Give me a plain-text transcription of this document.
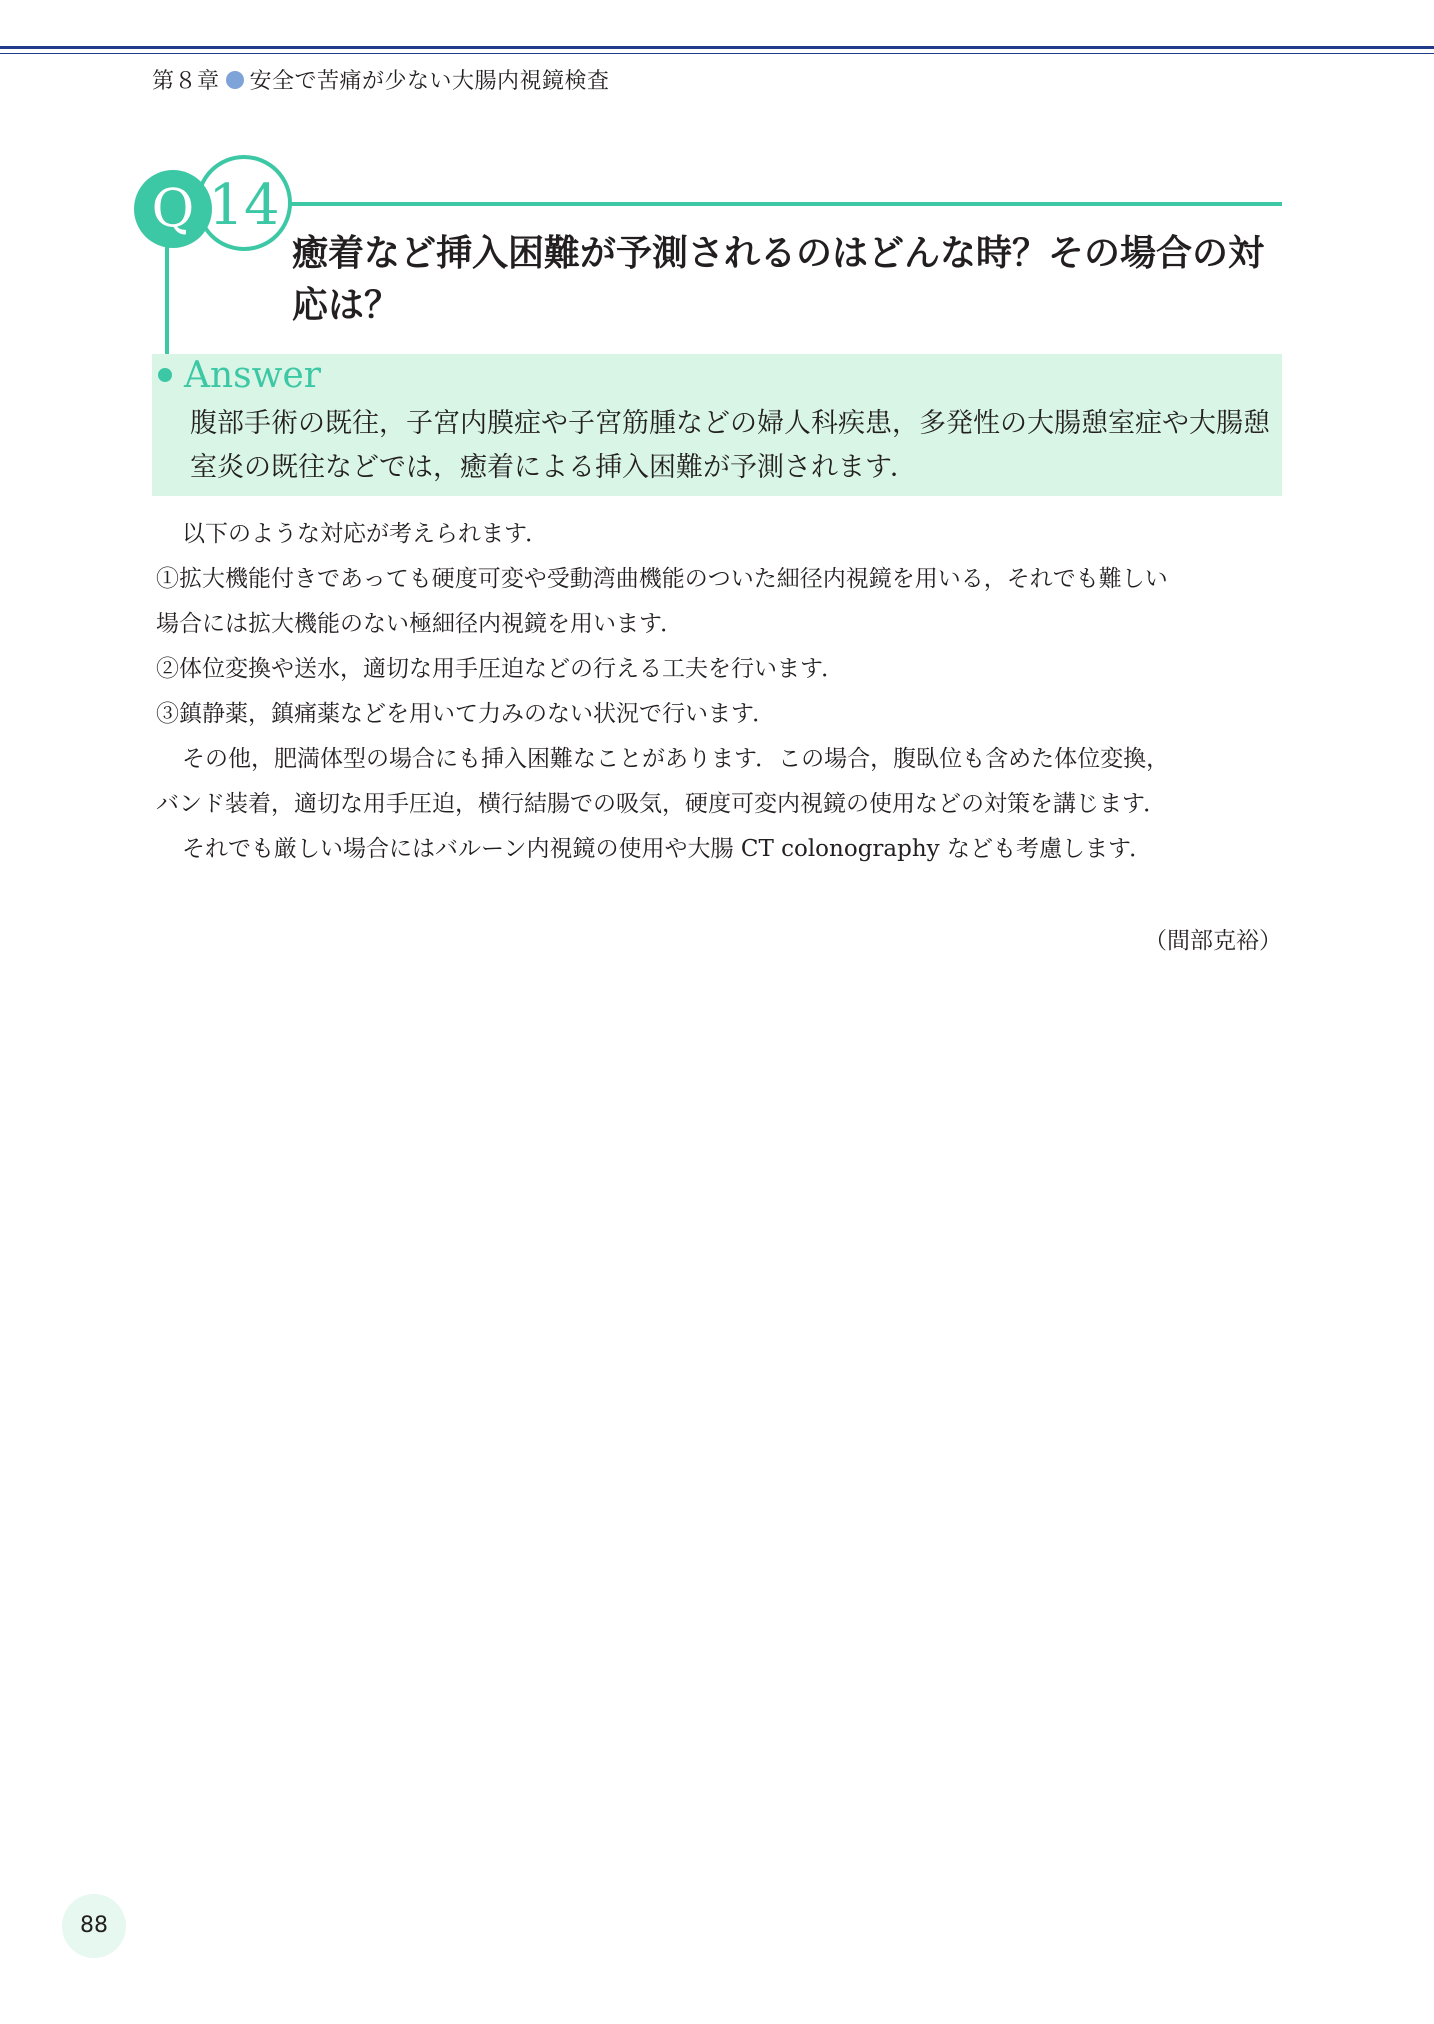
第８章 安全で苦痛が少ない大腸内視鏡検査
Q 14
癒着など挿入困難が予測されるのはどんな時？その場合の対応は？
Answer
腹部手術の既往，子宮内膜症や子宮筋腫などの婦人科疾患，多発性の大腸憩室症や大腸憩室炎の既往などでは，癒着による挿入困難が予測されます．

以下のような対応が考えられます．

①拡大機能付きであっても硬度可変や受動湾曲機能のついた細径内視鏡を用いる，それでも難しい

場合には拡大機能のない極細径内視鏡を用います．

②体位変換や送水，適切な用手圧迫などの行える工夫を行います．

③鎮静薬，鎮痛薬などを用いて力みのない状況で行います．

その他，肥満体型の場合にも挿入困難なことがあります．この場合，腹臥位も含めた体位変換，

バンド装着，適切な用手圧迫，横行結腸での吸気，硬度可変内視鏡の使用などの対策を講じます．

それでも厳しい場合にはバルーン内視鏡の使用や大腸 CT colonography なども考慮します．

（間部克裕）
88
